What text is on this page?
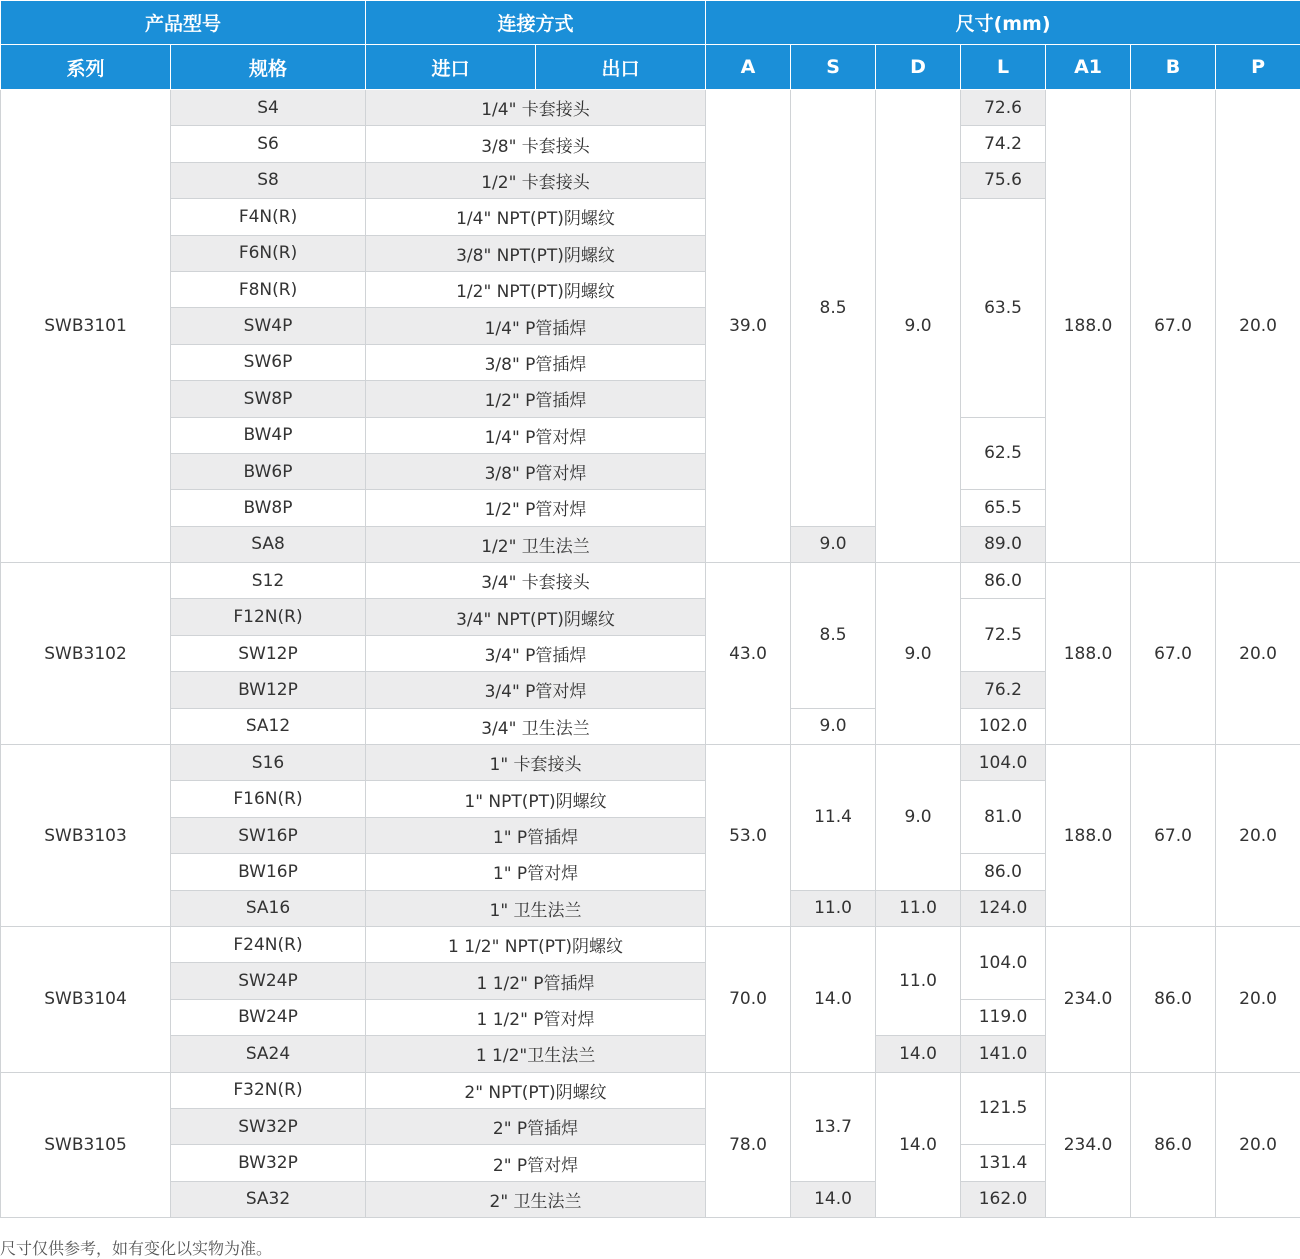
产品型号		连接方式		尺寸(mm)						
系列	规格	进口	出口	A	S	D	L	A1	B	P
SWB3101	S4	1/4" 卡套接头		39.0	8.5	9.0	72.6	188.0	67.0	20.0
	S6	3/8" 卡套接头					74.2			
	S8	1/2" 卡套接头					75.6			
	F4N(R)	1/4" NPT(PT)阴螺纹					63.5			
	F6N(R)	3/8" NPT(PT)阴螺纹								
	F8N(R)	1/2" NPT(PT)阴螺纹								
	SW4P	1/4" P管插焊								
	SW6P	3/8" P管插焊								
	SW8P	1/2" P管插焊								
	BW4P	1/4" P管对焊					62.5			
	BW6P	3/8" P管对焊								
	BW8P	1/2" P管对焊					65.5			
	SA8	1/2" 卫生法兰			9.0		89.0			
SWB3102	S12	3/4" 卡套接头		43.0	8.5	9.0	86.0	188.0	67.0	20.0
	F12N(R)	3/4" NPT(PT)阴螺纹					72.5			
	SW12P	3/4" P管插焊								
	BW12P	3/4" P管对焊					76.2			
	SA12	3/4" 卫生法兰			9.0		102.0			
SWB3103	S16	1" 卡套接头		53.0	11.4	9.0	104.0	188.0	67.0	20.0
	F16N(R)	1" NPT(PT)阴螺纹					81.0			
	SW16P	1" P管插焊								
	BW16P	1" P管对焊					86.0			
	SA16	1" 卫生法兰			11.0	11.0	124.0			
SWB3104	F24N(R)	1 1/2" NPT(PT)阴螺纹		70.0	14.0	11.0	104.0	234.0	86.0	20.0
	SW24P	1 1/2" P管插焊								
	BW24P	1 1/2" P管对焊					119.0			
	SA24	1 1/2"卫生法兰				14.0	141.0			
SWB3105	F32N(R)	2" NPT(PT)阴螺纹		78.0	13.7	14.0	121.5	234.0	86.0	20.0
	SW32P	2" P管插焊								
	BW32P	2" P管对焊					131.4			
	SA32	2" 卫生法兰			14.0		162.0			
尺寸仅供参考，如有变化以实物为准。
